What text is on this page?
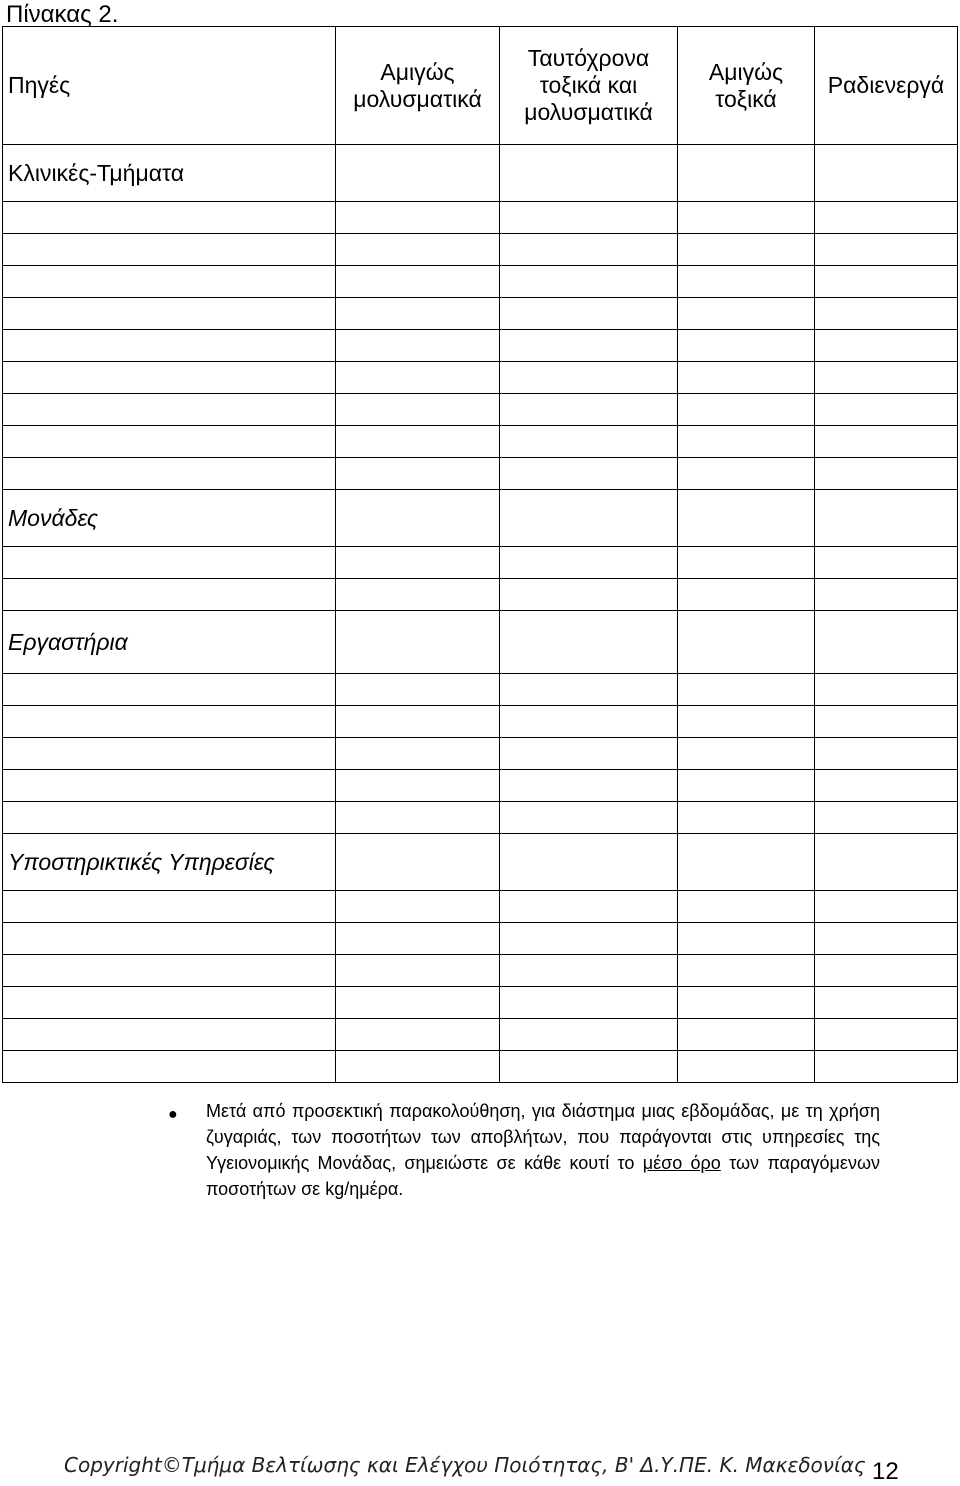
Πίνακας 2.
Πηγές	Αμιγώς μολυσματικά	Ταυτόχρονα τοξικά και μολυσματικά	Αμιγώς τοξικά	Ραδιενεργά
Κλινικές-Τμήματα				

Μονάδες				

Εργαστήρια				

Υποστηρικτικές Υπηρεσίες				

● Μετά από προσεκτική παρακολούθηση, για διάστημα μιας εβδομάδας, με τη χρήση ζυγαριάς, των ποσοτήτων των αποβλήτων, που παράγονται στις υπηρεσίες της Υγειονομικής Μονάδας, σημειώστε σε κάθε κουτί το μέσο όρο των παραγόμενων ποσοτήτων σε kg/ημέρα.
Copyright©Τμήμα Βελτίωσης και Ελέγχου Ποιότητας, Β' Δ.Υ.ΠΕ. Κ. Μακεδονίας 12
